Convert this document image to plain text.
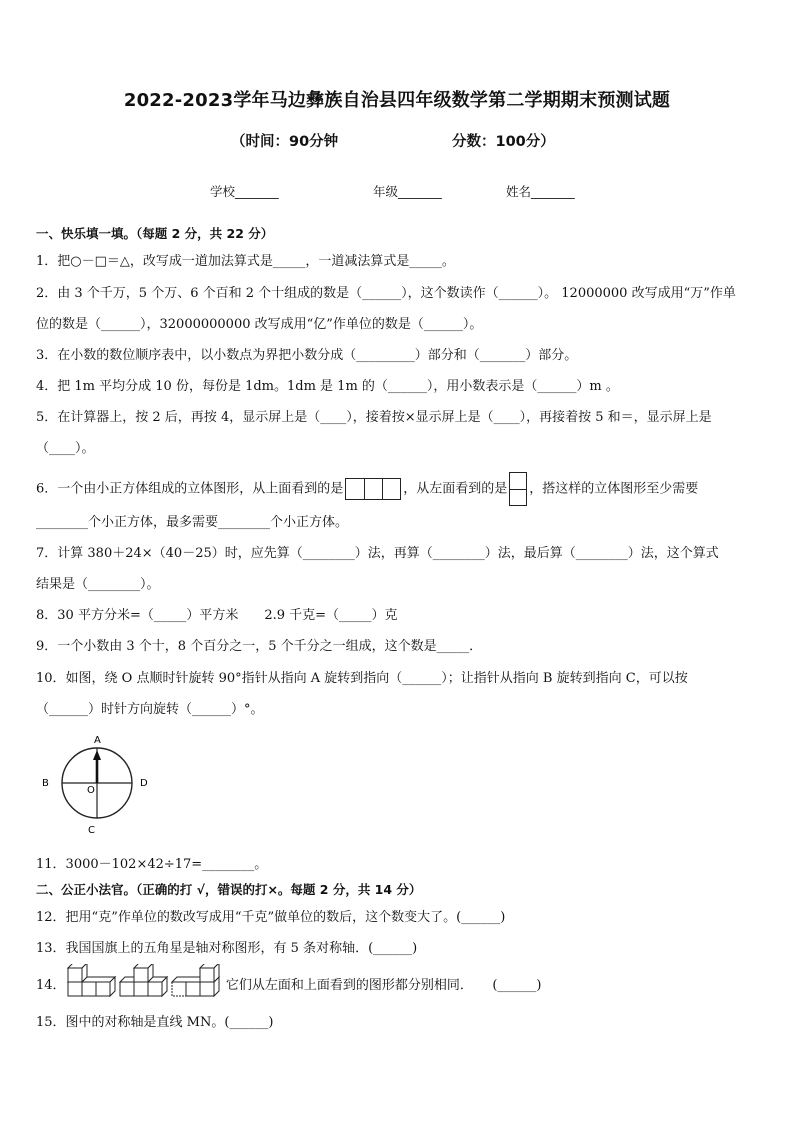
2022-2023学年马边彝族自治县四年级数学第二学期期末预测试题
（时间：90分钟	分数：100分）
学校_______	年级_______	姓名_______
一、快乐填一填。（每题 2 分，共 22 分）
1．把○－□＝△，改写成一道加法算式是_____，一道减法算式是_____。
2．由 3 个千万，5 个万、6 个百和 2 个十组成的数是（______），这个数读作（______）。 12000000 改写成用“万”作单
位的数是（______），32000000000 改写成用“亿”作单位的数是（______）。
3．在小数的数位顺序表中，以小数点为界把小数分成（_________）部分和（_______）部分。
4．把 1m 平均分成 10 份，每份是 1dm。1dm 是 1m 的（______），用小数表示是（______）m 。
5．在计算器上，按 2 后，再按 4，显示屏上是（____），接着按×显示屏上是（____），再接着按 5 和＝，显示屏上是
（____）。
6．一个由小正方体组成的立体图形，从上面看到的是	，从左面看到的是 ，搭这样的立体图形至少需要
________个小正方体，最多需要________个小正方体。
7．计算 380＋24×（40－25）时，应先算（________）法，再算（________）法，最后算（________）法，这个算式
结果是（________）。
8．30 平方分米=（_____）平方米　　2.9 千克=（_____）克
9．一个小数由 3 个十，8 个百分之一，5 个千分之一组成，这个数是_____．
10．如图，绕 O 点顺时针旋转 90°指针从指向 A 旋转到指向（______）；让指针从指向 B 旋转到指向 C，可以按
（______）时针方向旋转（______）°。
A
B	D
O
C
11．3000－102×42÷17=________。
二、公正小法官。（正确的打 √，错误的打×。每题 2 分，共 14 分）
12．把用“克”作单位的数改写成用“千克”做单位的数后，这个数变大了。(______)
13．我国国旗上的五角星是轴对称图形，有 5 条对称轴．(______)
14．	它们从左面和上面看到的图形都分别相同．　　(______)
15．图中的对称轴是直线 MN。(______)
